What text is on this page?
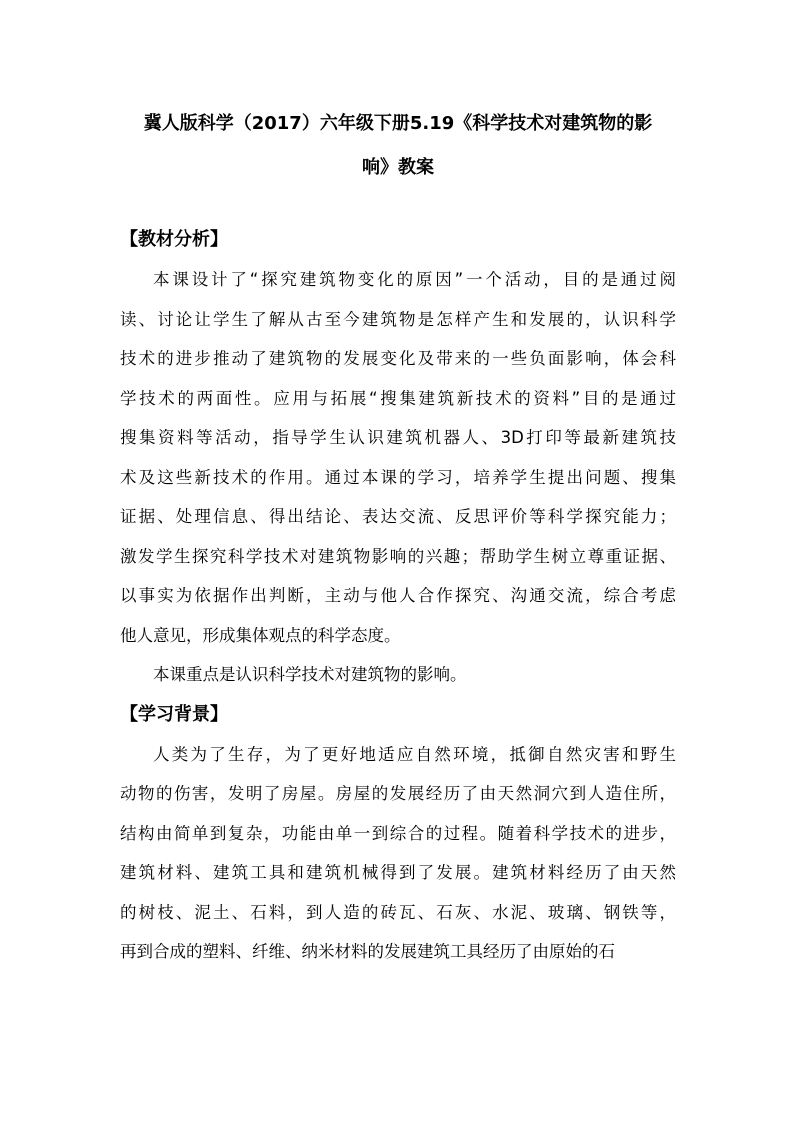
冀人版科学（2017）六年级下册5.19《科学技术对建筑物的影
响》教案
【教材分析】

本课设计了“探究建筑物变化的原因”一个活动，目的是通过阅
读、讨论让学生了解从古至今建筑物是怎样产生和发展的，认识科学
技术的进步推动了建筑物的发展变化及带来的一些负面影响，体会科
学技术的两面性。应用与拓展“搜集建筑新技术的资料”目的是通过
搜集资料等活动，指导学生认识建筑机器人、3D打印等最新建筑技
术及这些新技术的作用。通过本课的学习，培养学生提出问题、搜集
证据、处理信息、得出结论、表达交流、反思评价等科学探究能力；
激发学生探究科学技术对建筑物影响的兴趣；帮助学生树立尊重证据、
以事实为依据作出判断，主动与他人合作探究、沟通交流，综合考虑
他人意见，形成集体观点的科学态度。

本课重点是认识科学技术对建筑物的影响。

【学习背景】

人类为了生存，为了更好地适应自然环境，抵御自然灾害和野生
动物的伤害，发明了房屋。房屋的发展经历了由天然洞穴到人造住所，
结构由简单到复杂，功能由单一到综合的过程。随着科学技术的进步，
建筑材料、建筑工具和建筑机械得到了发展。建筑材料经历了由天然
的树枝、泥土、石料，到人造的砖瓦、石灰、水泥、玻璃、钢铁等，
再到合成的塑料、纤维、纳米材料的发展建筑工具经历了由原始的石
